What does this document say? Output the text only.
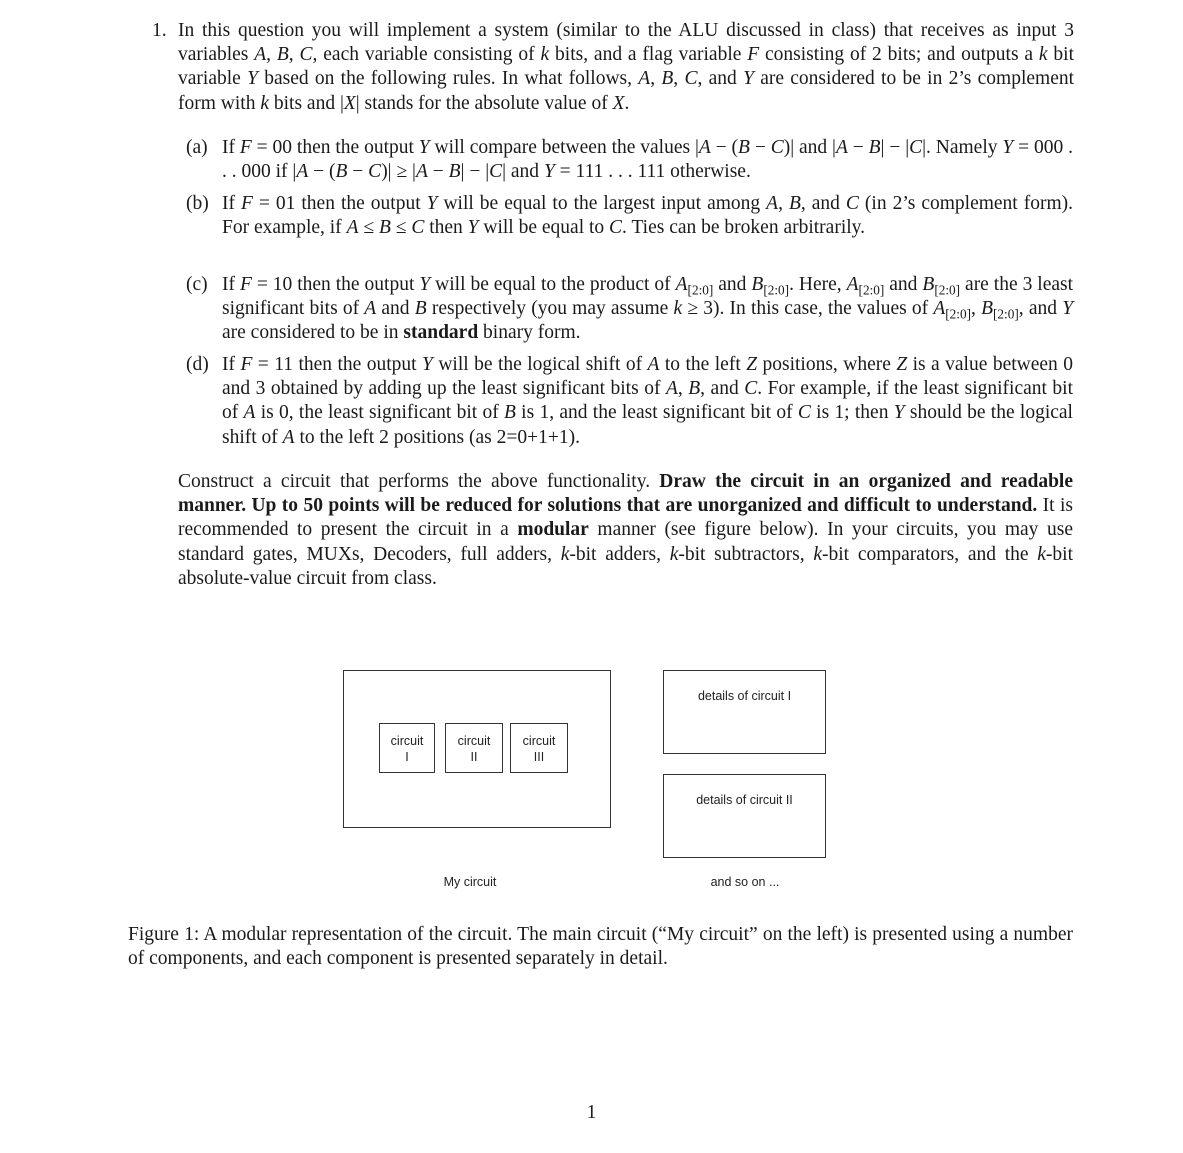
1. In this question you will implement a system (similar to the ALU discussed in class) that receives as input 3 variables A, B, C, each variable consisting of k bits, and a flag variable F consisting of 2 bits; and outputs a k bit variable Y based on the following rules. In what follows, A, B, C, and Y are considered to be in 2’s complement form with k bits and |X| stands for the absolute value of X.
(a) If F = 00 then the output Y will compare between the values |A − (B − C)| and |A − B| − |C|. Namely Y = 000 . . . 000 if |A − (B − C)| ≥ |A − B| − |C| and Y = 111 . . . 111 otherwise.
(b) If F = 01 then the output Y will be equal to the largest input among A, B, and C (in 2’s complement form). For example, if A ≤ B ≤ C then Y will be equal to C. Ties can be broken arbitrarily.
(c) If F = 10 then the output Y will be equal to the product of $A_{[2:0]}$ and $B_{[2:0]}$. Here, $A_{[2:0]}$ and $B_{[2:0]}$ are the 3 least significant bits of A and B respectively (you may assume k ≥ 3). In this case, the values of $A_{[2:0]}$, $B_{[2:0]}$, and Y are considered to be in standard binary form.
(d) If F = 11 then the output Y will be the logical shift of A to the left Z positions, where Z is a value between 0 and 3 obtained by adding up the least significant bits of A, B, and C. For example, if the least significant bit of A is 0, the least significant bit of B is 1, and the least significant bit of C is 1; then Y should be the logical shift of A to the left 2 positions (as 2=0+1+1).
Construct a circuit that performs the above functionality. Draw the circuit in an organized and readable manner. Up to 50 points will be reduced for solutions that are unorganized and difficult to understand. It is recommended to present the circuit in a modular manner (see figure below). In your circuits, you may use standard gates, MUXs, Decoders, full adders, k-bit adders, k-bit subtractors, k-bit comparators, and the k-bit absolute-value circuit from class.
circuit
I
circuit
II
circuit
III
details of circuit I
details of circuit II
My circuit	and so on ...
Figure 1: A modular representation of the circuit. The main circuit (“My circuit” on the left) is presented using a number of components, and each component is presented separately in detail.
1
